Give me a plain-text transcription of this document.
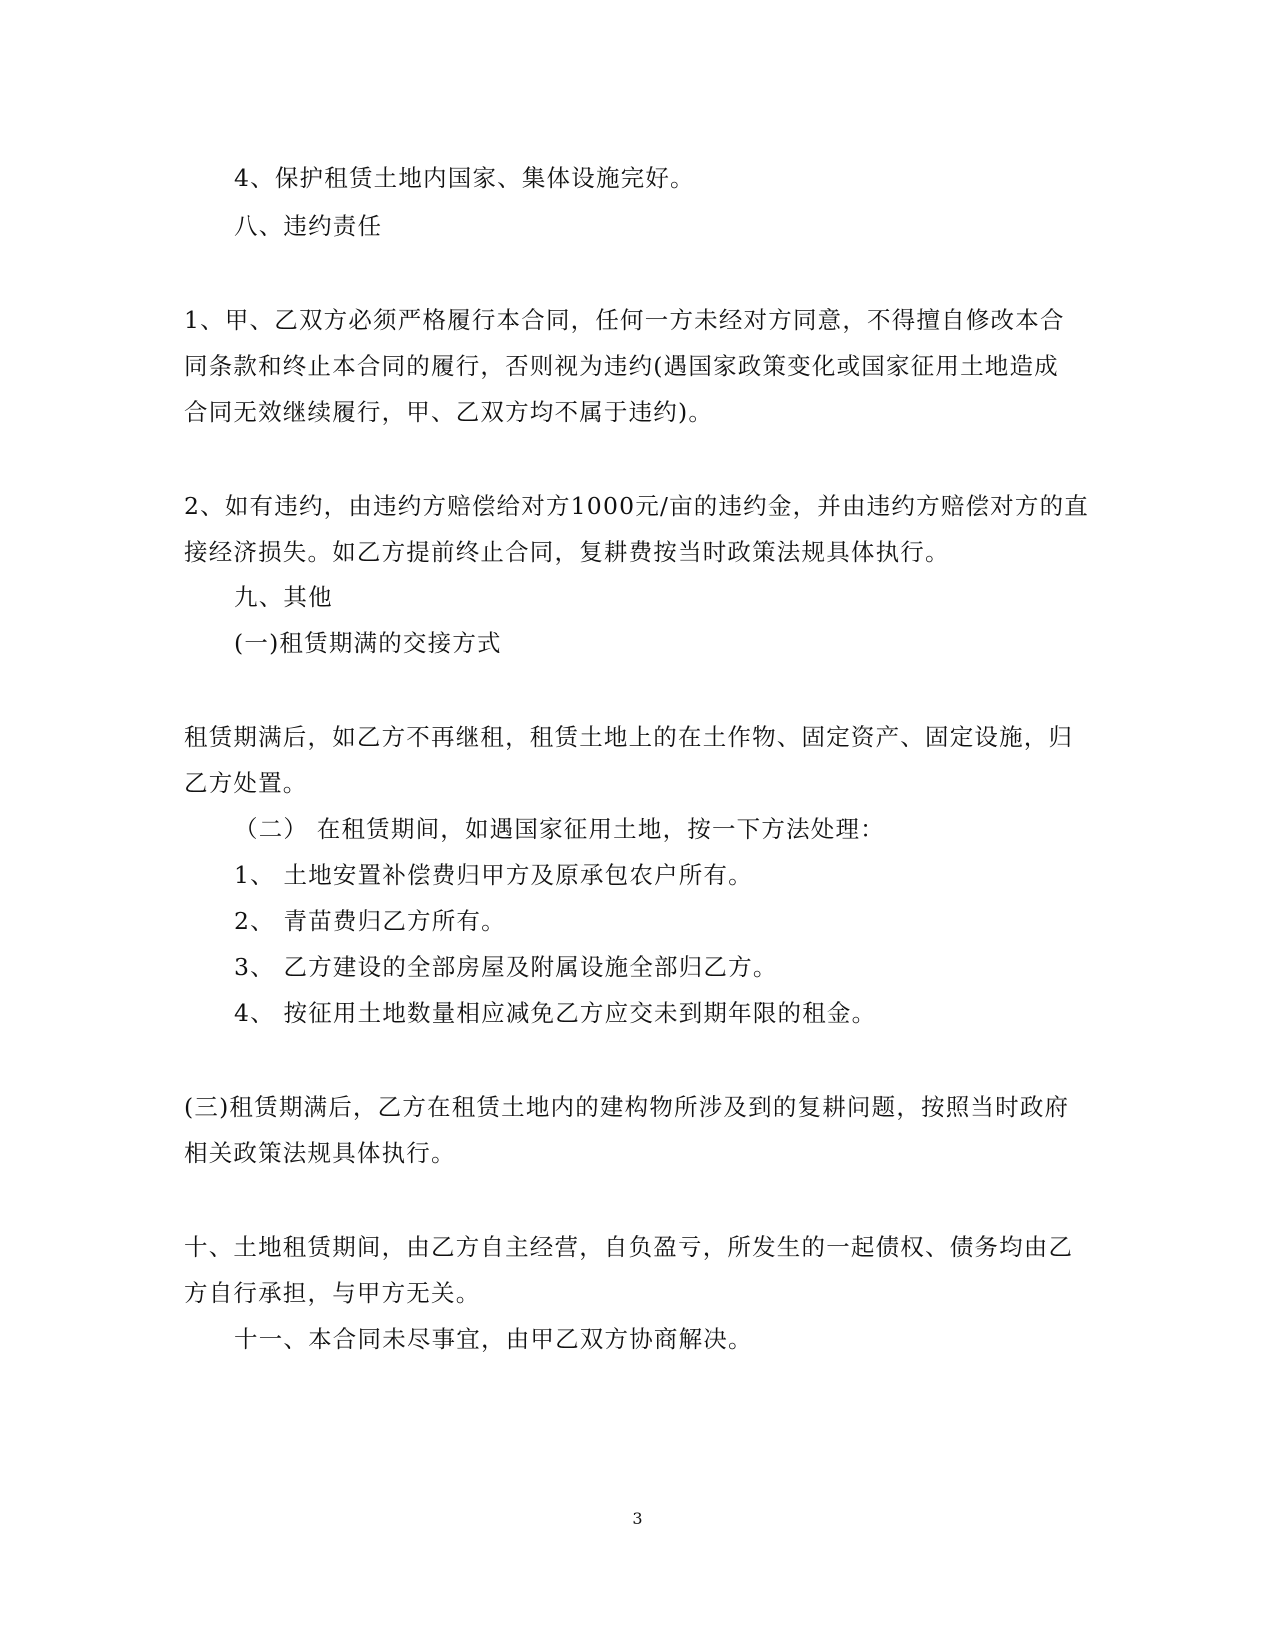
4、保护租赁土地内国家、集体设施完好。
八、违约责任
1、甲、乙双方必须严格履行本合同，任何一方未经对方同意，不得擅自修改本合
同条款和终止本合同的履行，否则视为违约(遇国家政策变化或国家征用土地造成
合同无效继续履行，甲、乙双方均不属于违约)。
2、如有违约，由违约方赔偿给对方1000元/亩的违约金，并由违约方赔偿对方的直
接经济损失。如乙方提前终止合同，复耕费按当时政策法规具体执行。
九、其他
(一)租赁期满的交接方式
租赁期满后，如乙方不再继租，租赁土地上的在土作物、固定资产、固定设施，归
乙方处置。
（二） 在租赁期间，如遇国家征用土地，按一下方法处理：
1、 土地安置补偿费归甲方及原承包农户所有。
2、 青苗费归乙方所有。
3、 乙方建设的全部房屋及附属设施全部归乙方。
4、 按征用土地数量相应减免乙方应交未到期年限的租金。
(三)租赁期满后，乙方在租赁土地内的建构物所涉及到的复耕问题，按照当时政府
相关政策法规具体执行。
十、土地租赁期间，由乙方自主经营，自负盈亏，所发生的一起债权、债务均由乙
方自行承担，与甲方无关。
十一、本合同未尽事宜，由甲乙双方协商解决。
3
